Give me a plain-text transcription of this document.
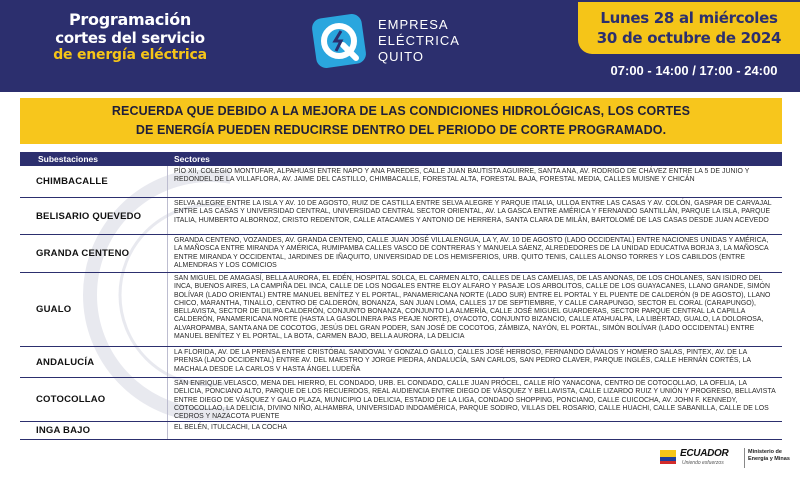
Programación
cortes del servicio
de energía eléctrica
EMPRESA
ELÉCTRICA
QUITO
Lunes 28 al miércoles
30 de octubre de 2024
07:00 - 14:00 / 17:00 - 24:00
RECUERDA QUE DEBIDO A LA MEJORA DE LAS CONDICIONES HIDROLÓGICAS, LOS CORTES
DE ENERGÍA PUEDEN REDUCIRSE DENTRO DEL PERIODO DE CORTE PROGRAMADO.
Subestaciones	Sectores
CHIMBACALLE
PÍO XII, COLEGIO MONTUFAR, ALPAHUASI ENTRE NAPO Y ANA PAREDES, CALLE JUAN BAUTISTA AGUIRRE, SANTA ANA, AV. RODRIGO DE CHÁVEZ ENTRE LA 5 DE JUNIO Y REDONDEL DE LA VILLAFLORA, AV. JAIME DEL CASTILLO, CHIMBACALLE, FORESTAL ALTA, FORESTAL BAJA, FORESTAL MEDIA, CALLES MUISNE Y CHICÁN
BELISARIO QUEVEDO
SELVA ALEGRE ENTRE LA ISLA Y AV. 10 DE AGOSTO, RUIZ DE CASTILLA ENTRE SELVA ALEGRE Y PARQUE ITALIA, ULLOA ENTRE LAS CASAS Y AV. COLÓN, GASPAR DE CARVAJAL ENTRE LAS CASAS Y UNIVERSIDAD CENTRAL, UNIVERSIDAD CENTRAL SECTOR ORIENTAL, AV. LA GASCA ENTRE AMÉRICA Y FERNANDO SANTILLÁN, PARQUE LA ISLA, PARQUE ITALIA, HUMBERTO ALBORNOZ, CRISTO REDENTOR, CALLE ATACAMES Y ANTONIO DE HERRERA, SANTA CLARA DE MILÁN, BARTOLOMÉ DE LAS CASAS DESDE JUAN ACEVEDO
GRANDA CENTENO
GRANDA CENTENO, VOZANDES, AV. GRANDA CENTENO, CALLE JUAN JOSÉ VILLALENGUA, LA Y, AV. 10 DE AGOSTO (LADO OCCIDENTAL) ENTRE NACIONES UNIDAS Y AMÉRICA, LA MAÑOSCA ENTRE MIRANDA Y AMÉRICA, RUMIPAMBA CALLES VASCO DE CONTRERAS Y MANUELA SÁENZ, ALREDEDORES DE LA UNIDAD EDUCATIVA BORJA 3, LA MAÑOSCA ENTRE MIRANDA Y OCCIDENTAL, JARDINES DE IÑAQUITO, UNIVERSIDAD DE LOS HEMISFERIOS, URB. QUITO TENIS, CALLES ALONSO TORRES Y LOS CABILDOS (ENTRE ALMENDRAS Y LOS COMICIOS
GUALO
SAN MIGUEL DE AMAGASÍ, BELLA AURORA, EL EDÉN, HOSPITAL SOLCA, EL CARMEN ALTO, CALLES DE LAS CAMELIAS, DE LAS ANONAS, DE LOS CHOLANES, SAN ISIDRO DEL INCA, BUENOS AIRES, LA CAMPIÑA DEL INCA, CALLE DE LOS NOGALES ENTRE ELOY ALFARO Y PASAJE LOS ARBOLITOS, CALLE DE LOS GUAYACANES, LLANO GRANDE, SIMÓN BOLÍVAR (LADO ORIENTAL) ENTRE MANUEL BENÍTEZ Y EL PORTAL, PANAMERICANA NORTE (LADO SUR) ENTRE EL PORTAL Y EL PUENTE DE CALDERÓN (9 DE AGOSTO), LLANO CHICO, MARANTHA, TINALLO, CENTRO DE CALDERÓN, BONANZA, SAN JUAN LOMA, CALLES 17 DE SEPTIEMBRE, Y CALLE CARAPUNGO, SECTOR EL CORAL (CARAPUNGO), BELLAVISTA, SECTOR DE DILIPA CALDERÓN, CONJUNTO BONANZA, CONJUNTO LA ALMERÍA, CALLE JOSÉ MIGUEL GUARDERAS, SECTOR PARQUE CENTRAL LA CAPILLA CALDERÓN, PANAMERICANA NORTE (HASTA LA GASOLINERA PAS PEAJE NORTE), OYACOTO, CONJUNTO BIZANCIO, CALLE ATAHUALPA, LA LIBERTAD, GUALO, LA DOLOROSA, ALVAROPAMBA, SANTA ANA DE COCOTOG, JESÚS DEL GRAN PODER, SAN JOSÉ DE COCOTOG, ZÁMBIZA, NAYÓN, EL PORTAL, SIMÓN BOLÍVAR (LADO OCCIDENTAL) ENTRE MANUEL BENÍTEZ Y EL PORTAL, LA BOTA, CARMEN BAJO, BELLA AURORA, LA DELICIA
ANDALUCÍA
LA FLORIDA, AV. DE LA PRENSA ENTRE CRISTÓBAL SANDOVAL Y GONZALO GALLO, CALLES JOSÉ HERBOSO, FERNANDO DÁVALOS Y HOMERO SALAS, PINTEX, AV. DE LA PRENSA (LADO OCCIDENTAL) ENTRE AV. DEL MAESTRO Y JORGE PIEDRA, ANDALUCÍA, SAN CARLOS, SAN PEDRO CLAVER, PARQUE INGLÉS, CALLE HERNÁN CORTÉS, LA MACHALA DESDE LA CARLOS V HASTA ÁNGEL LUDEÑA
COTOCOLLAO
SAN ENRIQUE VELASCO, MENA DEL HIERRO, EL CONDADO, URB. EL CONDADO, CALLE JUAN PRÓCEL, CALLE RÍO YANACONA, CENTRO DE COTOCOLLAO, LA OFELIA, LA DELICIA, PONCIANO ALTO, PARQUE DE LOS RECUERDOS, REAL AUDIENCIA ENTRE DIEGO DE VÁSQUEZ Y BELLAVISTA, CALLE LIZARDO RUIZ Y UNIÓN Y PROGRESO, BELLAVISTA ENTRE DIEGO DE VÁSQUEZ Y GALO PLAZA, MUNICIPIO LA DELICIA, ESTADIO DE LA LIGA, CONDADO SHOPPING, PONCIANO, CALLE CUICOCHA, AV. JOHN F. KENNEDY, COTOCOLLAO, LA DELICIA, DIVINO NIÑO, ALHAMBRA, UNIVERSIDAD INDOAMÉRICA, PARQUE SODIRO, VILLAS DEL ROSARIO, CALLE HUACHI, CALLE SABANILLA, CALLE DE LOS CEDROS Y NAZACOTA PUENTE
INGA BAJO	EL BELÉN, ITULCACHI, LA COCHA
ECUADOR
Uniendo esfuerzos
Ministerio de
Energía y Minas
